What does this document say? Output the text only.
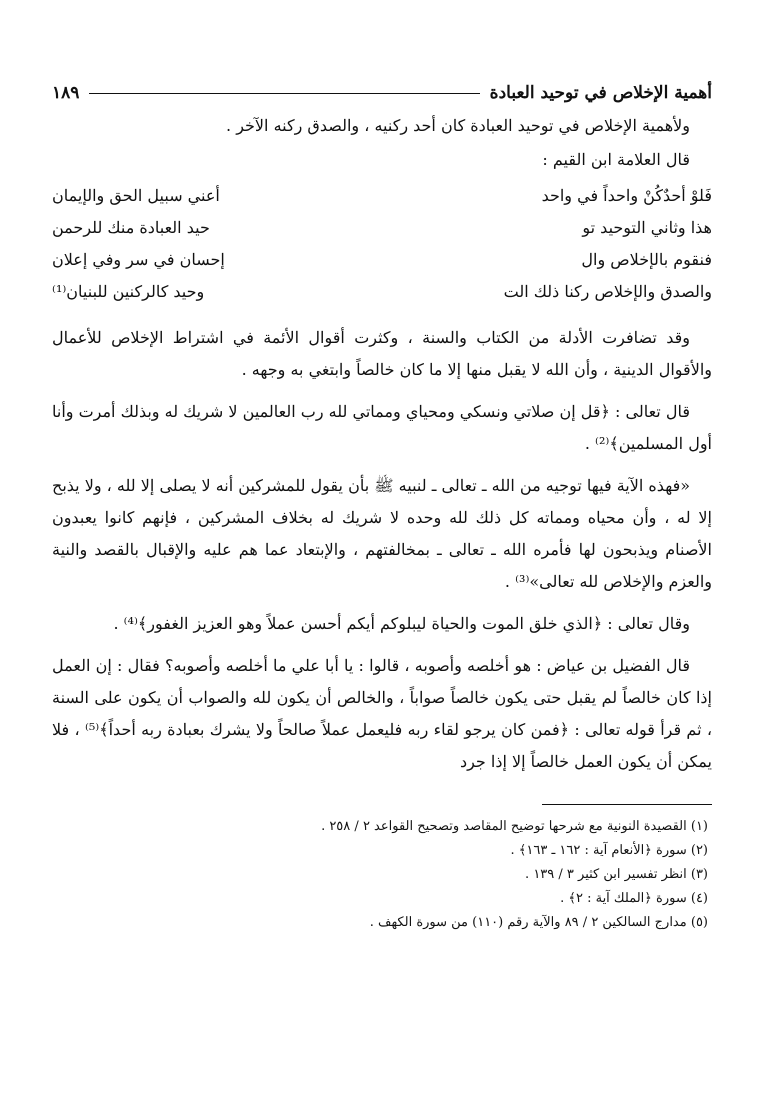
أهمية الإخلاص في توحيد العبادة
١٨٩

ولأهمية الإخلاص في توحيد العبادة كان أحد ركنيه ، والصدق ركنه الآخر .

قال العلامة ابن القيم :

فَلوْ أحدٌكُنْ واحداً في واحد
أعني سبيل الحق والإيمان
هذا وثاني التوحيد تو
حيد العبادة منك للرحمن
فنقوم بالإخلاص وال
إحسان في سر وفي إعلان
والصدق والإخلاص ركنا ذلك الت
وحيد كالركنين للبنيان⁽¹⁾

وقد تضافرت الأدلة من الكتاب والسنة ، وكثرت أقوال الأئمة في اشتراط الإخلاص للأعمال والأقوال الدينية ، وأن الله لا يقبل منها إلا ما كان خالصاً وابتغي به وجهه .

قال تعالى : ﴿قل إن صلاتي ونسكي ومحياي ومماتي لله رب العالمين لا شريك له وبذلك أمرت وأنا أول المسلمين﴾⁽²⁾ .

«فهذه الآية فيها توجيه من الله ـ تعالى ـ لنبيه ﷺ بأن يقول للمشركين أنه لا يصلى إلا لله ، ولا يذبح إلا له ، وأن محياه ومماته كل ذلك لله وحده لا شريك له بخلاف المشركين ، فإنهم كانوا يعبدون الأصنام ويذبحون لها فأمره الله ـ تعالى ـ بمخالفتهم ، والإبتعاد عما هم عليه والإقبال بالقصد والنية والعزم والإخلاص لله تعالى»⁽³⁾ .

وقال تعالى : ﴿الذي خلق الموت والحياة ليبلوكم أيكم أحسن عملاً وهو العزيز الغفور﴾⁽⁴⁾ .

قال الفضيل بن عياض : هو أخلصه وأصوبه ، قالوا : يا أبا علي ما أخلصه وأصوبه؟ فقال : إن العمل إذا كان خالصاً لم يقبل حتى يكون خالصاً صواباً ، والخالص أن يكون لله والصواب أن يكون على السنة ، ثم قرأ قوله تعالى : ﴿فمن كان يرجو لقاء ربه فليعمل عملاً صالحاً ولا يشرك بعبادة ربه أحداً﴾⁽⁵⁾ ، فلا يمكن أن يكون العمل خالصاً إلا إذا جرد

(١) القصيدة النونية مع شرحها توضيح المقاصد وتصحيح القواعد ٢ / ٢٥٨ .

(٢) سورة ﴿الأنعام آية : ١٦٢ ـ ١٦٣﴾ .

(٣) انظر تفسير ابن كثير ٣ / ١٣٩ .

(٤) سورة ﴿الملك آية : ٢﴾ .

(٥) مدارج السالكين ٢ / ٨٩ والآية رقم (١١٠) من سورة الكهف .
